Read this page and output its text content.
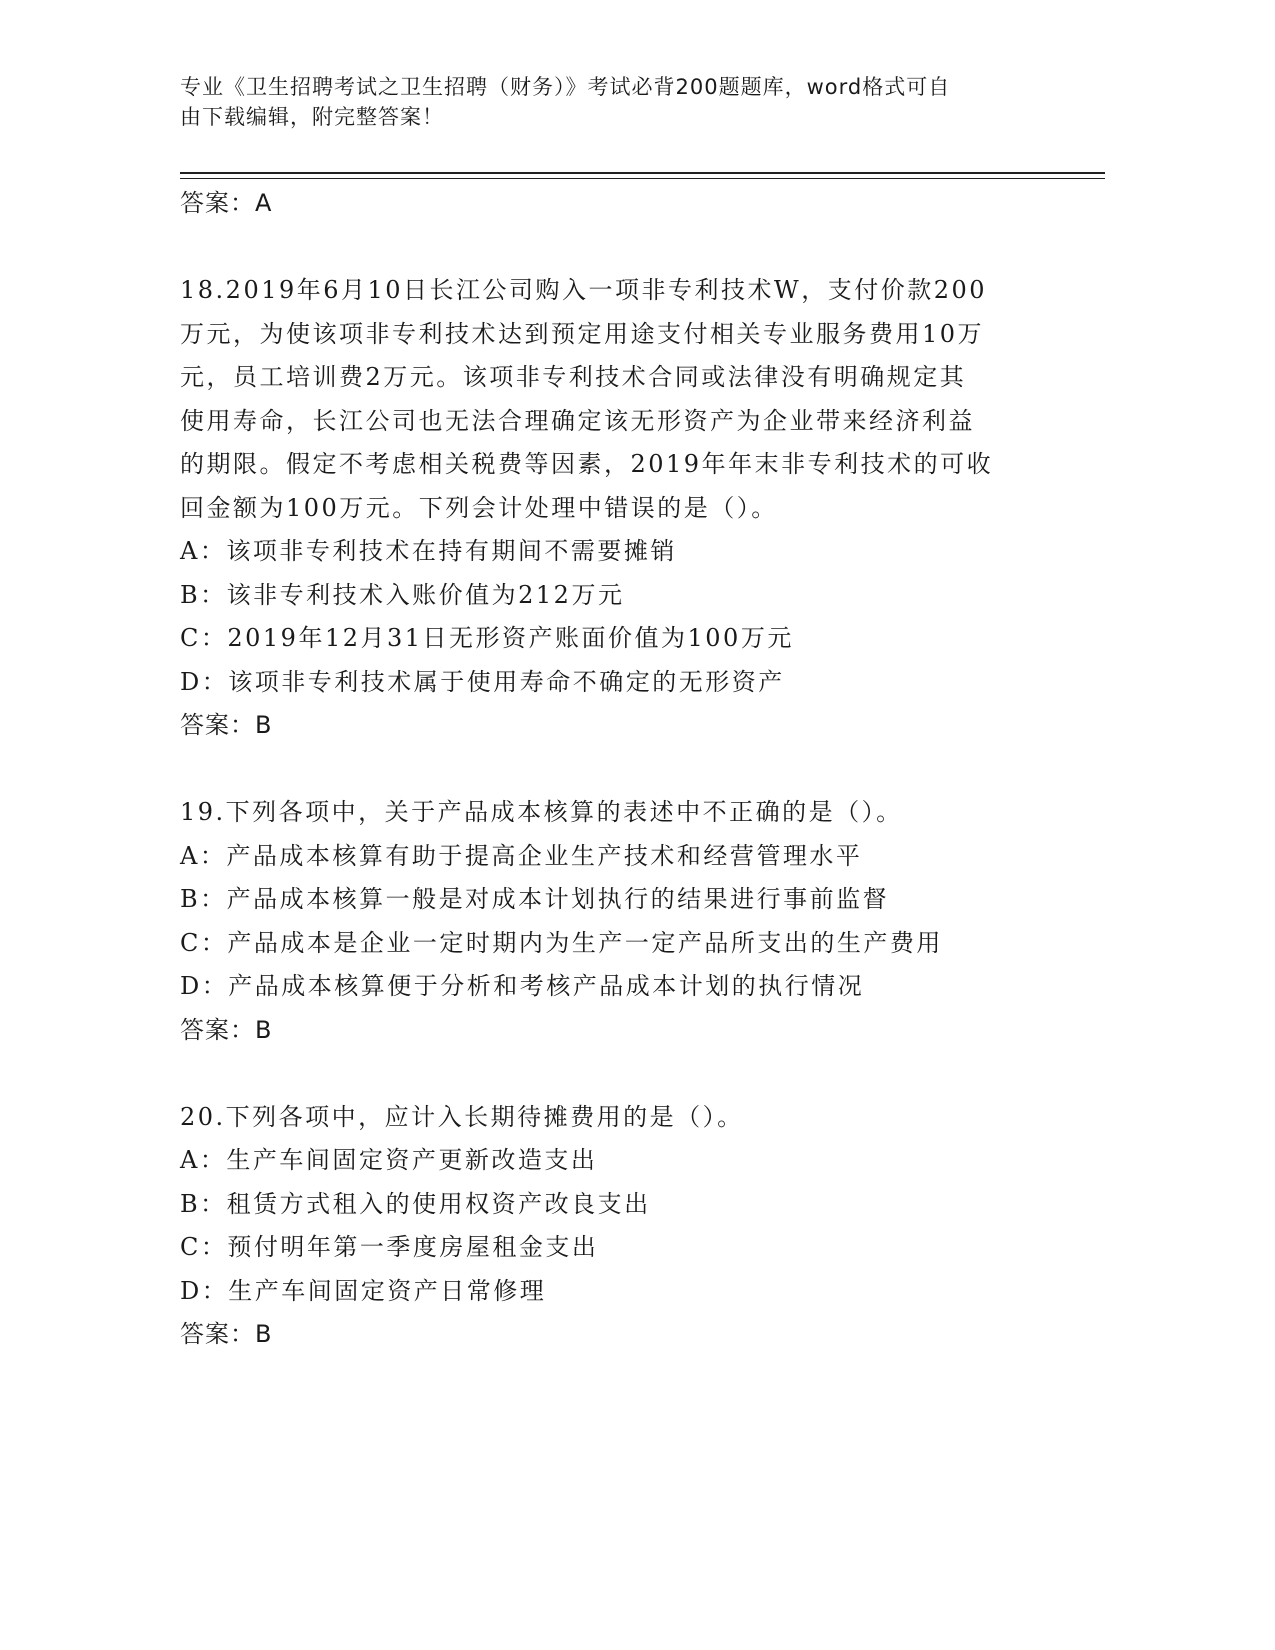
专业《卫生招聘考试之卫生招聘（财务）》考试必背200题题库，word格式可自
由下载编辑，附完整答案！
答案：A
18.2019年6月10日长江公司购入一项非专利技术W，支付价款200
万元，为使该项非专利技术达到预定用途支付相关专业服务费用10万
元，员工培训费2万元。该项非专利技术合同或法律没有明确规定其
使用寿命，长江公司也无法合理确定该无形资产为企业带来经济利益
的期限。假定不考虑相关税费等因素，2019年年末非专利技术的可收
回金额为100万元。下列会计处理中错误的是（）。
A：该项非专利技术在持有期间不需要摊销
B：该非专利技术入账价值为212万元
C：2019年12月31日无形资产账面价值为100万元
D：该项非专利技术属于使用寿命不确定的无形资产
答案：B
19.下列各项中，关于产品成本核算的表述中不正确的是（）。
A：产品成本核算有助于提高企业生产技术和经营管理水平
B：产品成本核算一般是对成本计划执行的结果进行事前监督
C：产品成本是企业一定时期内为生产一定产品所支出的生产费用
D：产品成本核算便于分析和考核产品成本计划的执行情况
答案：B
20.下列各项中，应计入长期待摊费用的是（）。
A：生产车间固定资产更新改造支出
B：租赁方式租入的使用权资产改良支出
C：预付明年第一季度房屋租金支出
D：生产车间固定资产日常修理
答案：B
